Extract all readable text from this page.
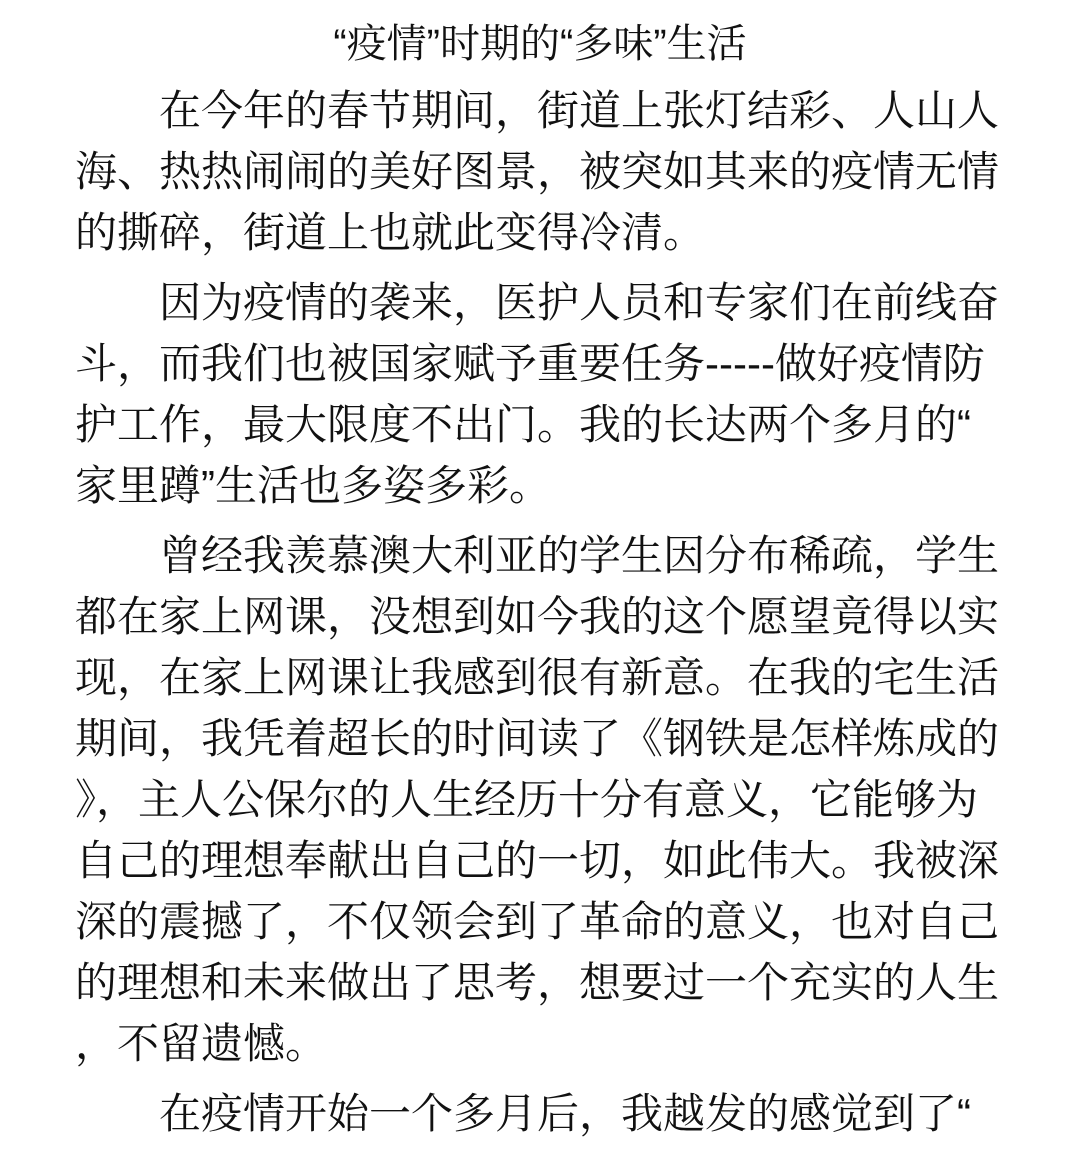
“疫情”时期的“多味”生活

在今年的春节期间，街道上张灯结彩、人山人海、热热闹闹的美好图景，被突如其来的疫情无情的撕碎，街道上也就此变得冷清。

因为疫情的袭来，医护人员和专家们在前线奋斗，而我们也被国家赋予重要任务-----做好疫情防护工作，最大限度不出门。我的长达两个多月的“家里蹲”生活也多姿多彩。

曾经我羡慕澳大利亚的学生因分布稀疏，学生都在家上网课，没想到如今我的这个愿望竟得以实现，在家上网课让我感到很有新意。在我的宅生活期间，我凭着超长的时间读了《钢铁是怎样炼成的》，主人公保尔的人生经历十分有意义，它能够为自己的理想奉献出自己的一切，如此伟大。我被深深的震撼了，不仅领会到了革命的意义，也对自己的理想和未来做出了思考，想要过一个充实的人生，不留遗憾。

在疫情开始一个多月后，我越发的感觉到了“
